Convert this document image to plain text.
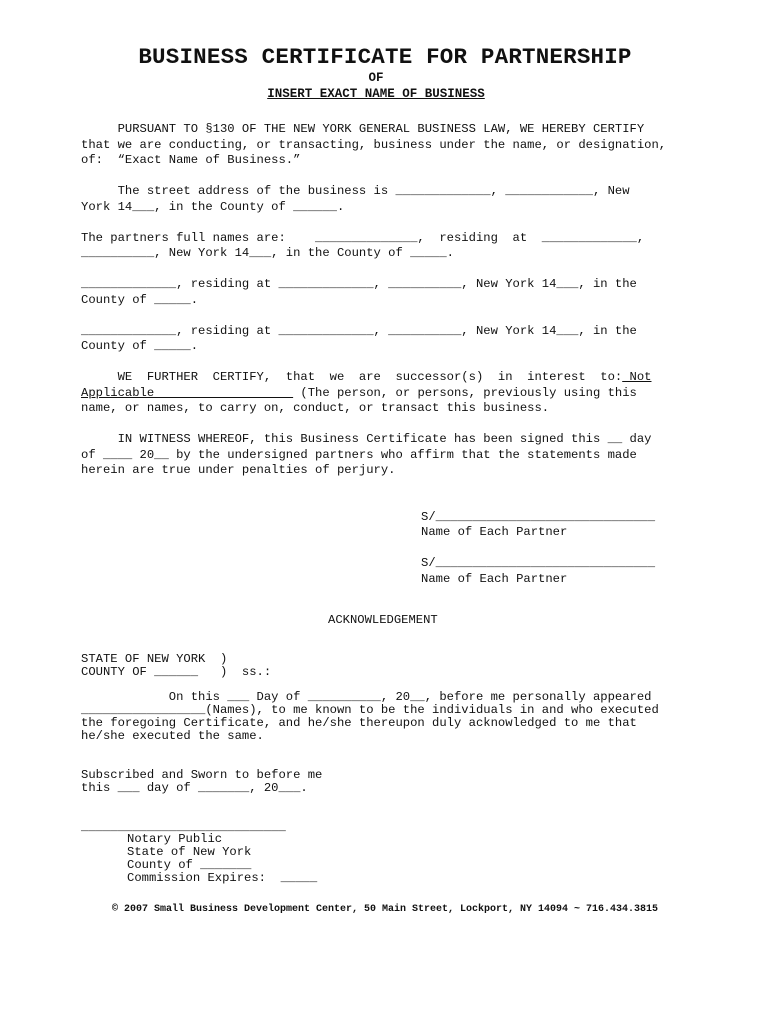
BUSINESS CERTIFICATE FOR PARTNERSHIP
OF
INSERT EXACT NAME OF BUSINESS
PURSUANT TO §130 OF THE NEW YORK GENERAL BUSINESS LAW, WE HEREBY CERTIFY
that we are conducting, or transacting, business under the name, or designation,
of:  “Exact Name of Business.”
The street address of the business is _____________, ____________, New
York 14___, in the County of ______.
The partners full names are:    ______________,  residing  at  _____________,
__________, New York 14___, in the County of _____.
_____________, residing at _____________, __________, New York 14___, in the
County of _____.
_____________, residing at _____________, __________, New York 14___, in the
County of _____.
WE  FURTHER  CERTIFY,  that  we  are  successor(s)  in  interest  to: Not
Applicable                    (The person, or persons, previously using this
name, or names, to carry on, conduct, or transact this business.
IN WITNESS WHEREOF, this Business Certificate has been signed this __ day
of ____ 20__ by the undersigned partners who affirm that the statements made
herein are true under penalties of perjury.
S/______________________________
Name of Each Partner
S/______________________________
Name of Each Partner
ACKNOWLEDGEMENT
STATE OF NEW YORK  )
COUNTY OF ______   )  ss.:
On this ___ Day of __________, 20__, before me personally appeared
_________________(Names), to me known to be the individuals in and who executed
the foregoing Certificate, and he/she thereupon duly acknowledged to me that
he/she executed the same.
Subscribed and Sworn to before me
this ___ day of _______, 20___.
____________________________
Notary Public
State of New York
County of _______
Commission Expires:  _____
© 2007 Small Business Development Center, 50 Main Street, Lockport, NY 14094 ~ 716.434.3815
